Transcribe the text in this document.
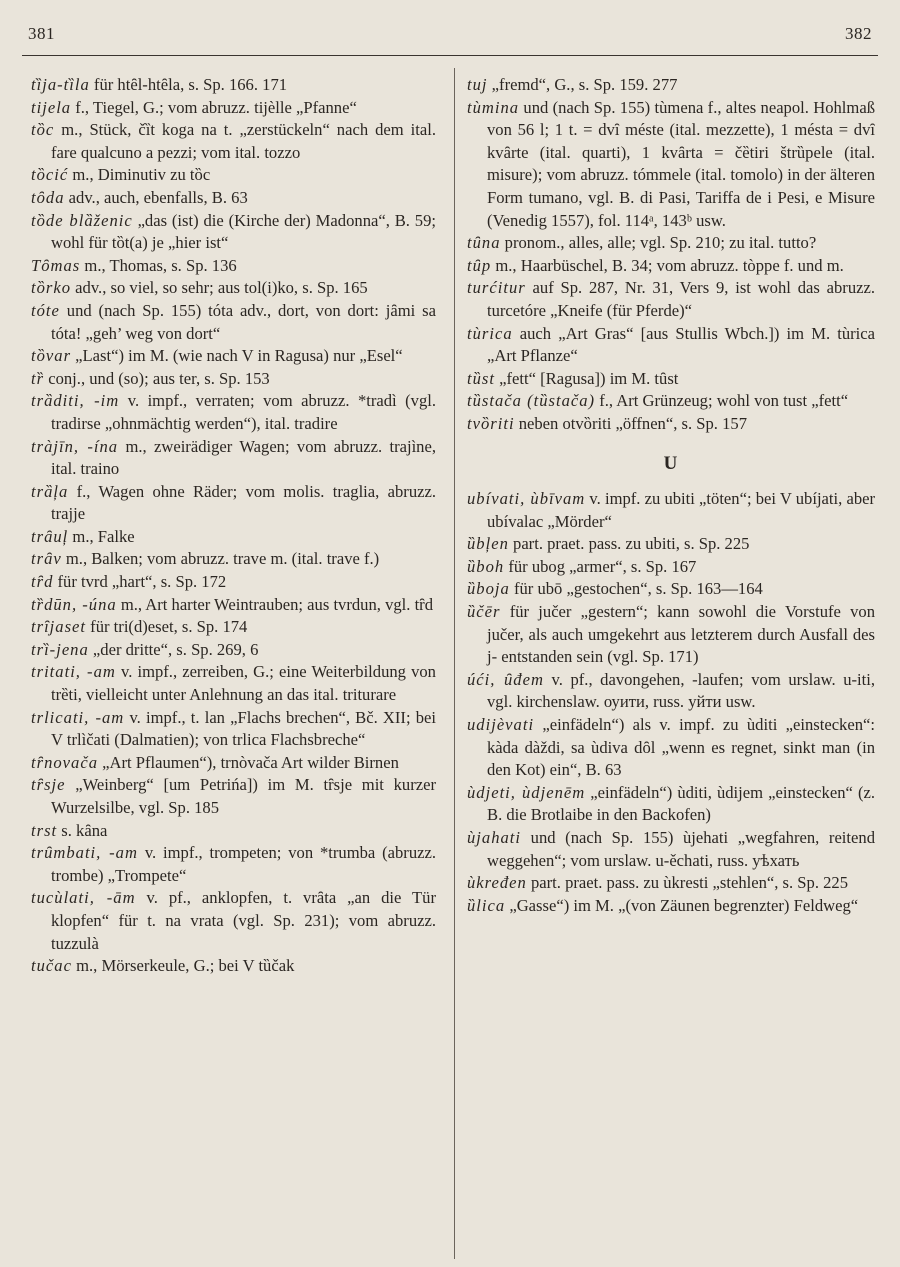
381	382
tȉja-tȉla für htȇl-htȇla, s. Sp. 166. 171
tijela f., Tiegel, G.; vom abruzz. tijèlle „Pfanne“
tȍc m., Stück, čȉt koga na t. „zerstückeln“ nach dem ital. fare qualcuno a pezzi; vom ital. tozzo
tȍcić m., Diminutiv zu tȍc
tȏda adv., auch, ebenfalls, B. 63
tȍde blȁženic „das (ist) die (Kirche der) Madonna“, B. 59; wohl für tȍt(a) je „hier ist“
Tȏmas m., Thomas, s. Sp. 136
tȍrko adv., so viel, so sehr; aus tol(i)ko, s. Sp. 165
tóte und (nach Sp. 155) tóta adv., dort, von dort: jȃmi sa tóta! „geh’ weg von dort“
tȍvar „Last“) im M. (wie nach V in Ragusa) nur „Esel“
tȑ conj., und (so); aus ter, s. Sp. 153
trȁditi, -im v. impf., verraten; vom abruzz. *tradì (vgl. tradirse „ohnmächtig werden“), ital. tradire
tràjīn, -ína m., zweirädiger Wagen; vom abruzz. trajìne, ital. traino
trȁļa f., Wagen ohne Räder; vom molis. traglia, abruzz. trajje
trȃuļ m., Falke
trȃv m., Balken; vom abruzz. trave m. (ital. trave f.)
tȓd für tvrd „hart“, s. Sp. 172
tȑdūn, -úna m., Art harter Weintrauben; aus tvrdun, vgl. tȓd
trȋjaset für tri(d)eset, s. Sp. 174
trȉ-jena „der dritte“, s. Sp. 269, 6
tritati, -am v. impf., zerreiben, G.; eine Weiterbildung von trȅti, vielleicht unter Anlehnung an das ital. triturare
trlicati, -am v. impf., t. lan „Flachs brechen“, Bč. XII; bei V trlìčati (Dalmatien); von trlica Flachsbreche“
tȓnovača „Art Pflaumen“), trnòvača Art wilder Birnen
tȓsje „Weinberg“ [um Petrińa]) im M. tȓsje mit kurzer Wurzelsilbe, vgl. Sp. 185
trst s. kȃna
trȗmbati, -am v. impf., trompeten; von *trumba (abruzz. trombe) „Trompete“
tucùlati, -ām v. pf., anklopfen, t. vrȃta „an die Tür klopfen“ für t. na vrata (vgl. Sp. 231); vom abruzz. tuzzulà
tučac m., Mörserkeule, G.; bei V tȕčak
tuj „fremd“, G., s. Sp. 159. 277
tùmina und (nach Sp. 155) tùmena f., altes neapol. Hohlmaß von 56 l; 1 t. = dvȋ méste (ital. mezzette), 1 mésta = dvȋ kvȃrte (ital. quarti), 1 kvȃrta = čȅtiri štrȕpele (ital. misure); vom abruzz. tómmele (ital. tomolo) in der älteren Form tumano, vgl. B. di Pasi, Tariffa de i Pesi, e Misure (Venedig 1557), fol. 114ᵃ, 143ᵇ usw.
tȗna pronom., alles, alle; vgl. Sp. 210; zu ital. tutto?
tȗp m., Haarbüschel, B. 34; vom abruzz. tòppe f. und m.
turćitur auf Sp. 287, Nr. 31, Vers 9, ist wohl das abruzz. turcetóre „Kneife (für Pferde)“
tùrica auch „Art Gras“ [aus Stullis Wbch.]) im M. tùrica „Art Pflanze“
tȕst „fett“ [Ragusa]) im M. tȗst
tȕstača (tȕstača) f., Art Grünzeug; wohl von tust „fett“
tvȍriti neben otvȍriti „öffnen“, s. Sp. 157
U
ubívati, ùbīvam v. impf. zu ubiti „töten“; bei V ubíjati, aber ubívalac „Mörder“
ȕbļen part. praet. pass. zu ubiti, s. Sp. 225
ȕboh für ubog „armer“, s. Sp. 167
ȕboja für ubō „gestochen“, s. Sp. 163—164
ȕčēr für jučer „gestern“; kann sowohl die Vorstufe von jučer, als auch umgekehrt aus letzterem durch Ausfall des j- entstanden sein (vgl. Sp. 171)
úći, ȗđem v. pf., davongehen, -laufen; vom urslaw. u-iti, vgl. kirchenslaw. оуити, russ. уйти usw.
udijèvati „einfädeln“) als v. impf. zu ùditi „einstecken“: kàda dàždi, sa ùdiva dȏl „wenn es regnet, sinkt man (in den Kot) ein“, B. 63
ùdjeti, ùdjenēm „einfädeln“) ùditi, ùdijem „einstecken“ (z. B. die Brotlaibe in den Backofen)
ùjahati und (nach Sp. 155) ùjehati „wegfahren, reitend weggehen“; vom urslaw. u-ěchati, russ. уѣхать
ùkređen part. praet. pass. zu ùkresti „stehlen“, s. Sp. 225
ȕlica „Gasse“) im M. „(von Zäunen begrenzter) Feldweg“
